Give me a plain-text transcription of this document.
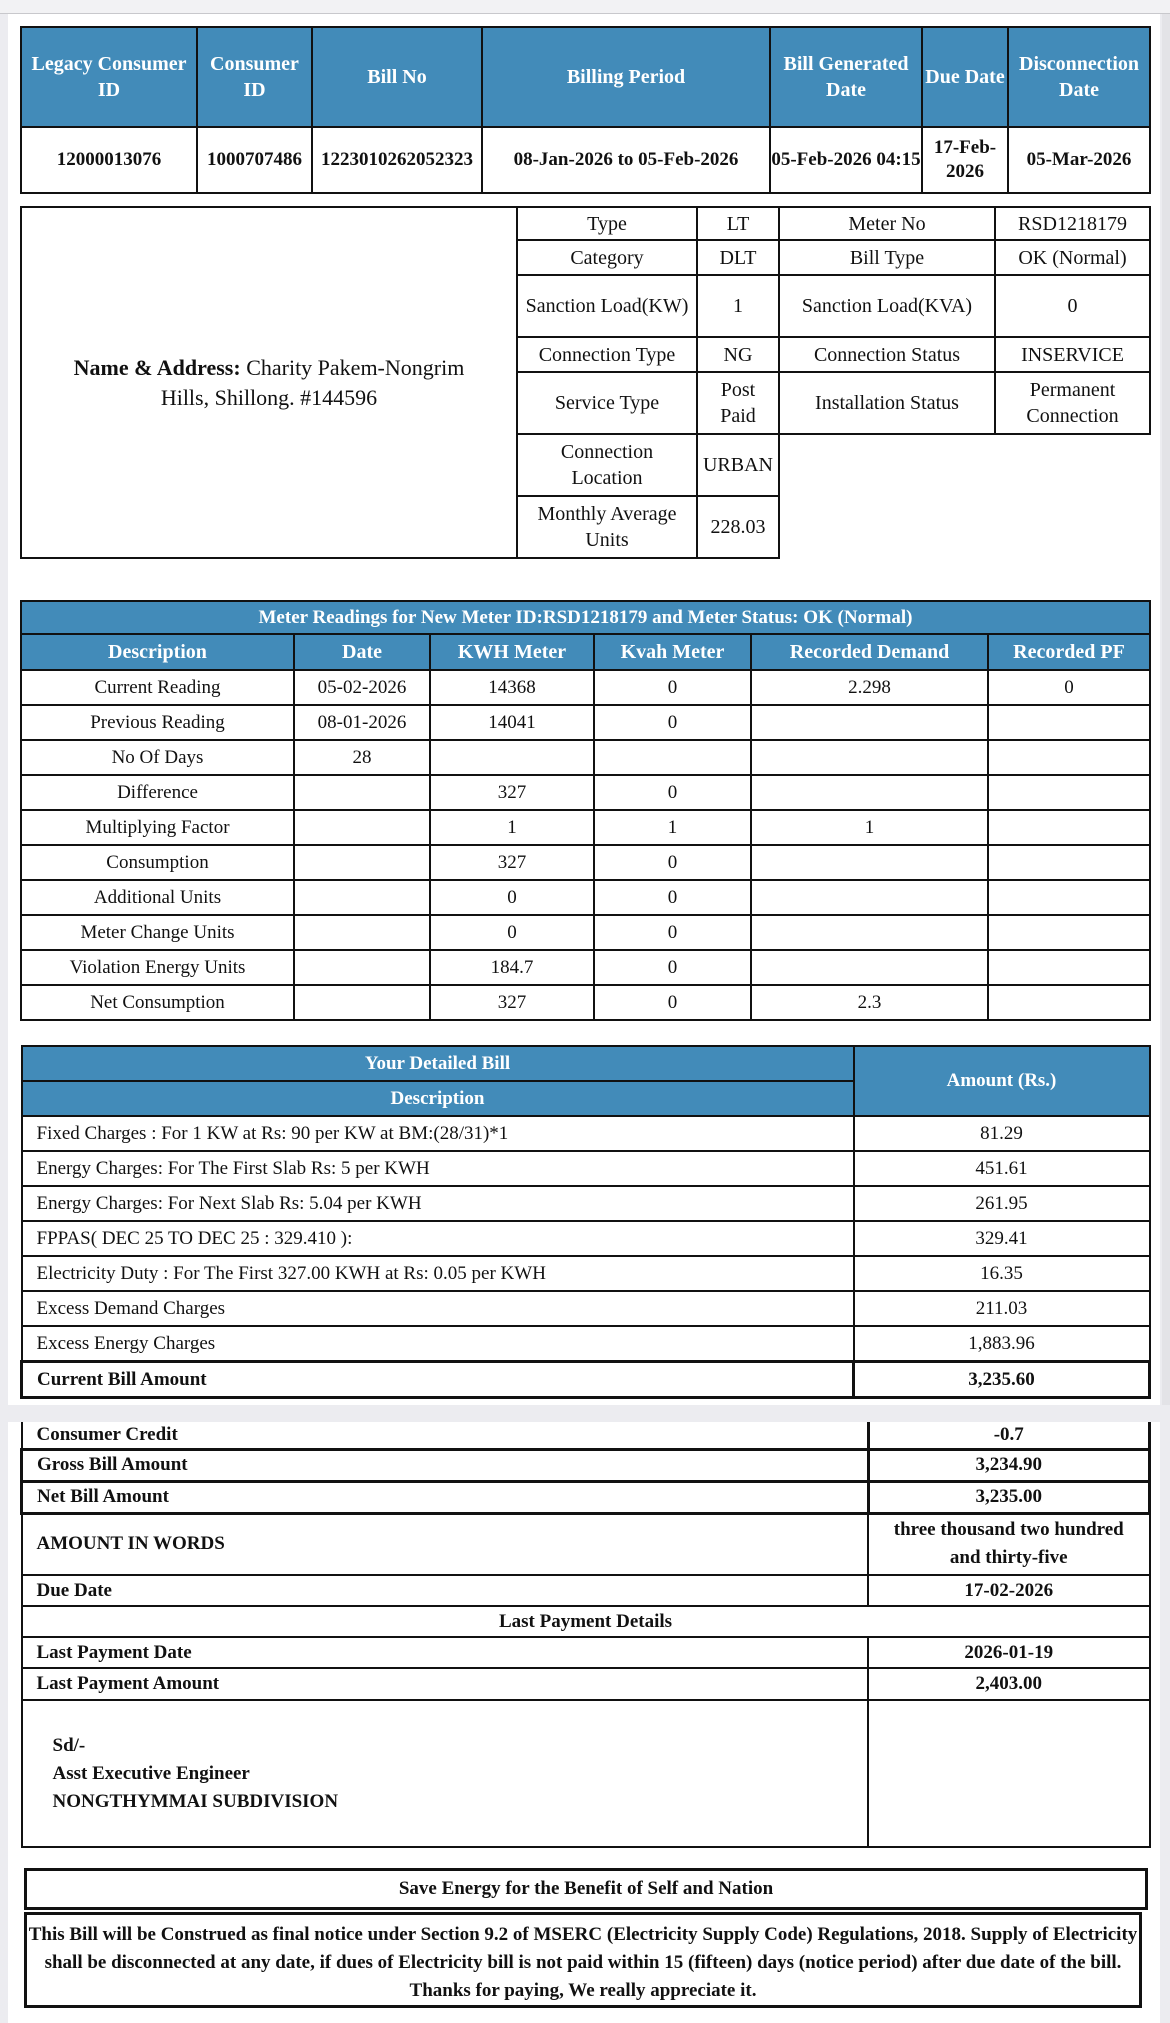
Legacy Consumer ID	Consumer ID	Bill No	Billing Period	Bill Generated Date	Due Date	Disconnection Date
12000013076	1000707486	1223010262052323	08-Jan-2026 to 05-Feb-2026	05-Feb-2026 04:15	17-Feb-2026	05-Mar-2026
Name & Address: Charity Pakem-Nongrim Hills, Shillong. #144596	Type	LT	Meter No	RSD1218179
	Category	DLT	Bill Type	OK (Normal)
	Sanction Load(KW)	1	Sanction Load(KVA)	0
	Connection Type	NG	Connection Status	INSERVICE
	Service Type	Post Paid	Installation Status	Permanent Connection
	Connection Location	URBAN		
	Monthly Average Units	228.03		
Meter Readings for New Meter ID:RSD1218179 and Meter Status: OK (Normal)					
Description	Date	KWH Meter	Kvah Meter	Recorded Demand	Recorded PF
Current Reading	05-02-2026	14368	0	2.298	0
Previous Reading	08-01-2026	14041	0		
No Of Days	28				
Difference		327	0		
Multiplying Factor		1	1	1	
Consumption		327	0		
Additional Units		0	0		
Meter Change Units		0	0		
Violation Energy Units		184.7	0		
Net Consumption		327	0	2.3	
Your Detailed Bill	Amount (Rs.)
Description	
Fixed Charges : For 1 KW at Rs: 90 per KW at BM:(28/31)*1	81.29
Energy Charges: For The First Slab Rs: 5 per KWH	451.61
Energy Charges: For Next Slab Rs: 5.04 per KWH	261.95
FPPAS( DEC 25 TO DEC 25 : 329.410 ):	329.41
Electricity Duty : For The First 327.00 KWH at Rs: 0.05 per KWH	16.35
Excess Demand Charges	211.03
Excess Energy Charges	1,883.96
Current Bill Amount	3,235.60
Consumer Credit	-0.7
Gross Bill Amount	3,234.90
Net Bill Amount	3,235.00
AMOUNT IN WORDS	three thousand two hundred and thirty-five
Due Date	17-02-2026
Last Payment Details	
Last Payment Date	2026-01-19
Last Payment Amount	2,403.00

Sd/-
Asst Executive Engineer
NONGTHYMMAI SUBDIVISION	

Save Energy for the Benefit of Self and Nation
This Bill will be Construed as final notice under Section 9.2 of MSERC (Electricity Supply Code) Regulations, 2018. Supply of Electricity shall be disconnected at any date, if dues of Electricity bill is not paid within 15 (fifteen) days (notice period) after due date of the bill. Thanks for paying, We really appreciate it.
